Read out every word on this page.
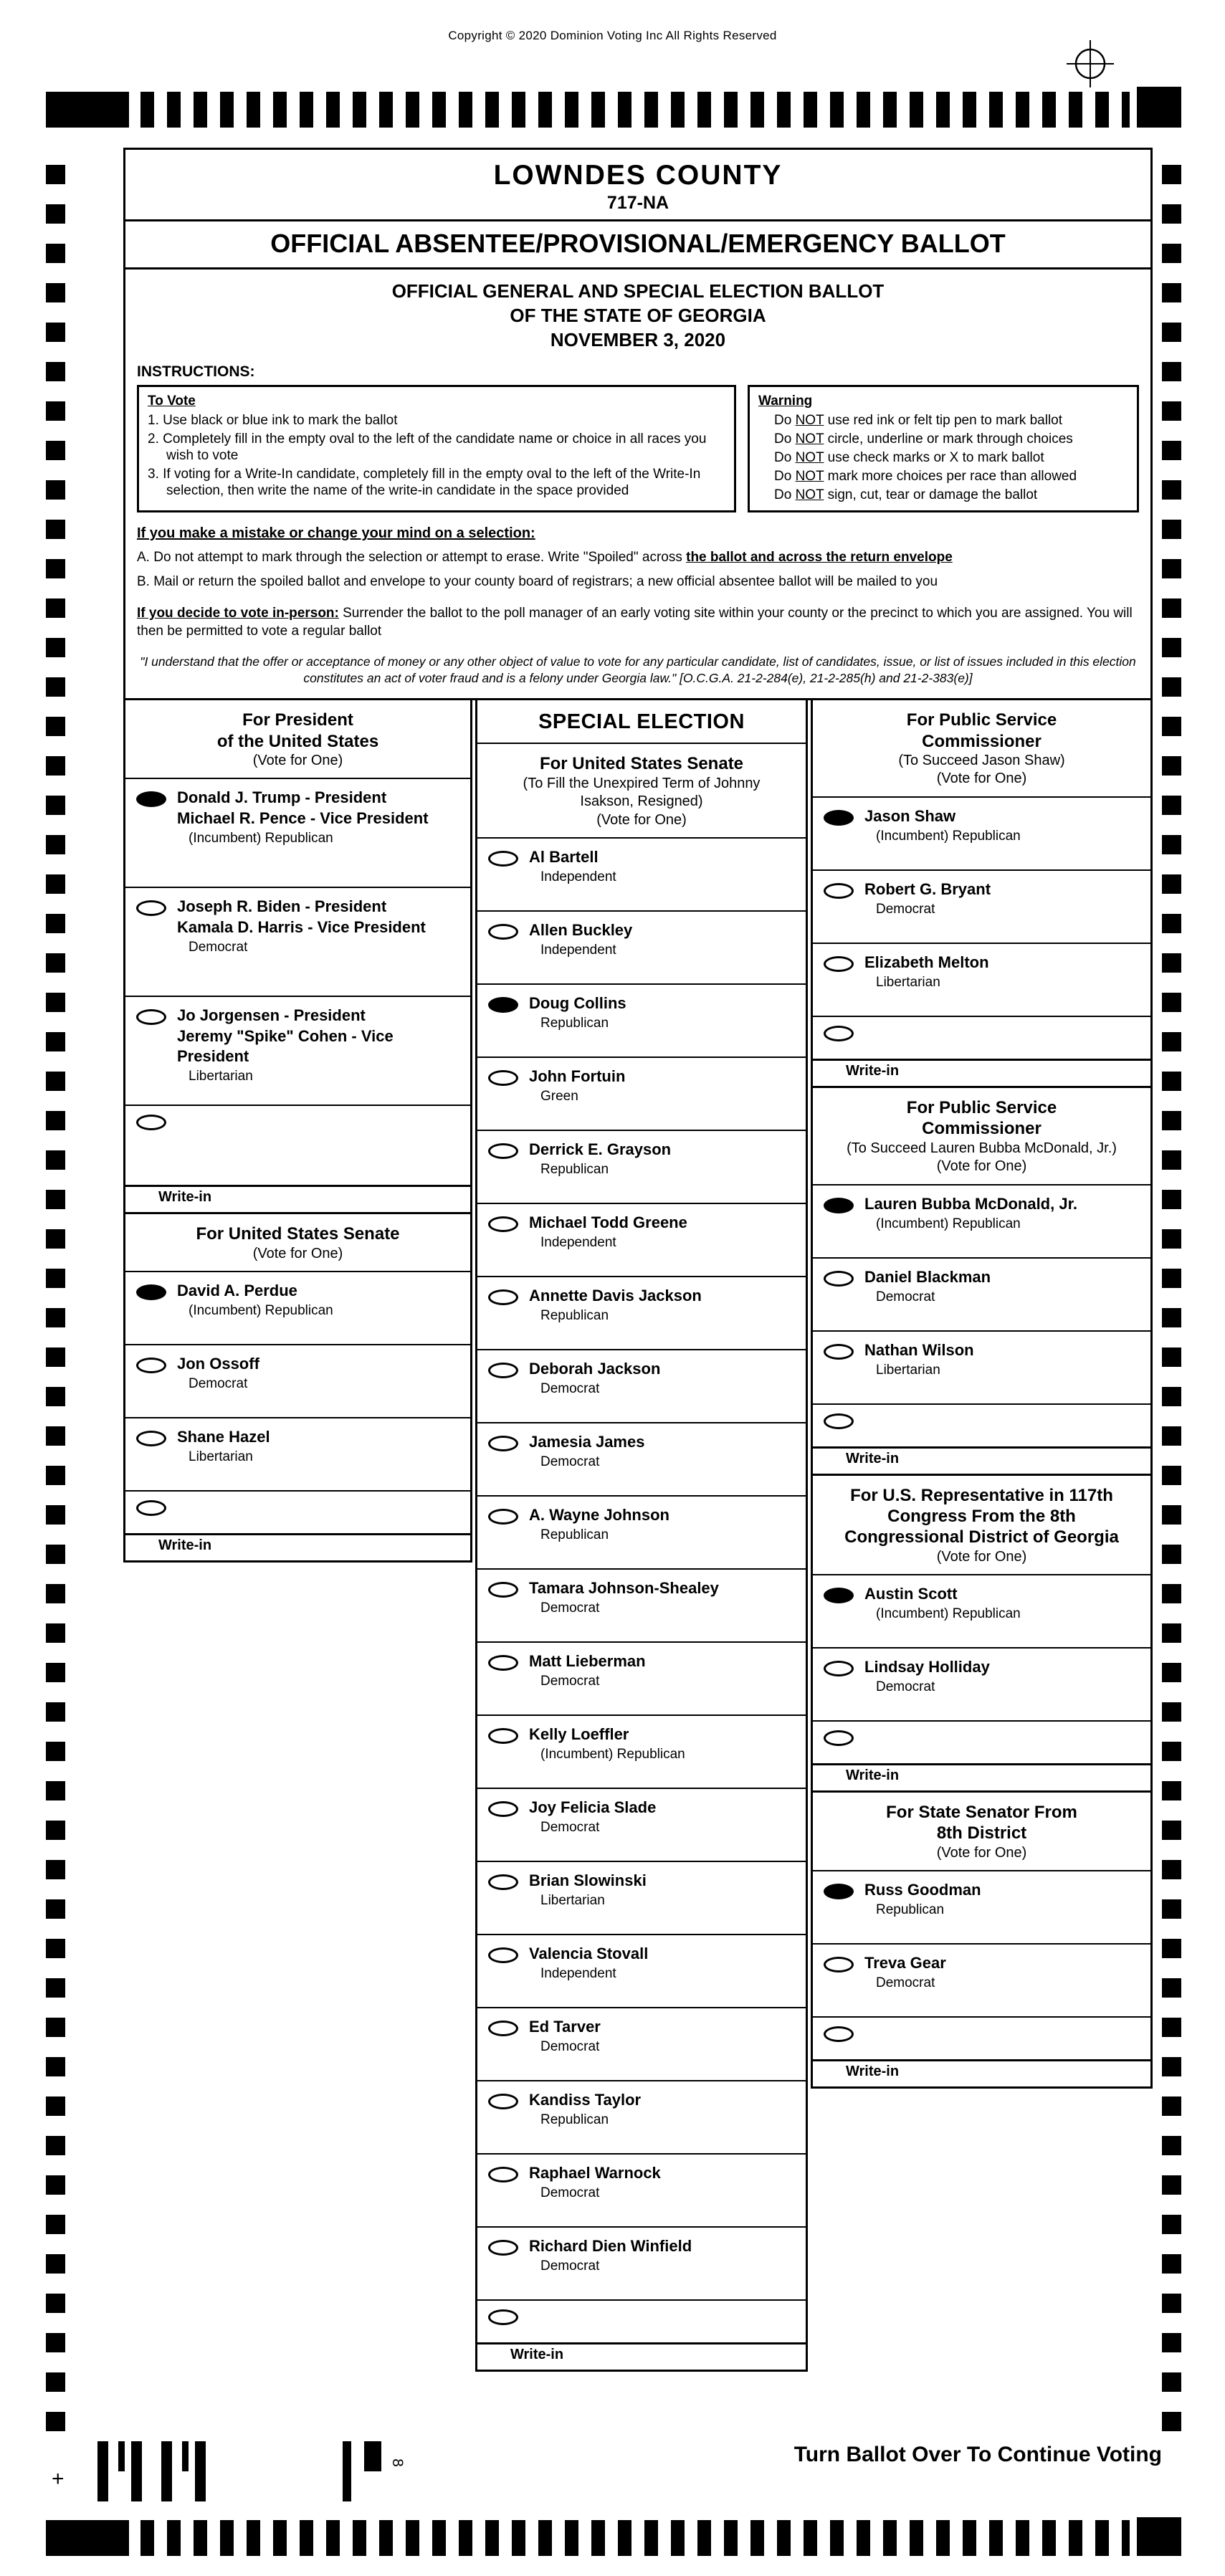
Copyright © 2020 Dominion Voting Inc All Rights Reserved
+
8	Turn Ballot Over To Continue Voting
LOWNDES COUNTY
717-NA
OFFICIAL ABSENTEE/PROVISIONAL/EMERGENCY BALLOT
OFFICIAL GENERAL AND SPECIAL ELECTION BALLOT
OF THE STATE OF GEORGIA
NOVEMBER 3, 2020
INSTRUCTIONS:
To Vote
1. Use black or blue ink to mark the ballot
2. Completely fill in the empty oval to the left of the candidate name or choice in all races you wish to vote
3. If voting for a Write-In candidate, completely fill in the empty oval to the left of the Write-In selection, then write the name of the write-in candidate in the space provided
Warning
Do NOT use red ink or felt tip pen to mark ballot
Do NOT circle, underline or mark through choices
Do NOT use check marks or X to mark ballot
Do NOT mark more choices per race than allowed
Do NOT sign, cut, tear or damage the ballot
If you make a mistake or change your mind on a selection:
A. Do not attempt to mark through the selection or attempt to erase. Write "Spoiled" across the ballot and across the return envelope
B. Mail or return the spoiled ballot and envelope to your county board of registrars; a new official absentee ballot will be mailed to you
If you decide to vote in-person: Surrender the ballot to the poll manager of an early voting site within your county or the precinct to which you are assigned. You will then be permitted to vote a regular ballot
"I understand that the offer or acceptance of money or any other object of value to vote for any particular candidate, list of candidates, issue, or list of issues included in this election constitutes an act of voter fraud and is a felony under Georgia law." [O.C.G.A. 21-2-284(e), 21-2-285(h) and 21-2-383(e)]
For President
of the United States
(Vote for One)
Donald J. Trump - President
Michael R. Pence - Vice President
(Incumbent) Republican
Joseph R. Biden - President
Kamala D. Harris - Vice President
Democrat
Jo Jorgensen - President
Jeremy "Spike" Cohen - Vice President
Libertarian
Write-in
For United States Senate
(Vote for One)
David A. Perdue
(Incumbent) Republican
Jon Ossoff
Democrat
Shane Hazel
Libertarian
Write-in
SPECIAL ELECTION
For United States Senate
(To Fill the Unexpired Term of Johnny
Isakson, Resigned)
(Vote for One)
Al Bartell
Independent
Allen Buckley
Independent
Doug Collins
Republican
John Fortuin
Green
Derrick E. Grayson
Republican
Michael Todd Greene
Independent
Annette Davis Jackson
Republican
Deborah Jackson
Democrat
Jamesia James
Democrat
A. Wayne Johnson
Republican
Tamara Johnson-Shealey
Democrat
Matt Lieberman
Democrat
Kelly Loeffler
(Incumbent) Republican
Joy Felicia Slade
Democrat
Brian Slowinski
Libertarian
Valencia Stovall
Independent
Ed Tarver
Democrat
Kandiss Taylor
Republican
Raphael Warnock
Democrat
Richard Dien Winfield
Democrat
Write-in
For Public Service
Commissioner
(To Succeed Jason Shaw)
(Vote for One)
Jason Shaw
(Incumbent) Republican
Robert G. Bryant
Democrat
Elizabeth Melton
Libertarian
Write-in
For Public Service
Commissioner
(To Succeed Lauren Bubba McDonald, Jr.)
(Vote for One)
Lauren Bubba McDonald, Jr.
(Incumbent) Republican
Daniel Blackman
Democrat
Nathan Wilson
Libertarian
Write-in
For U.S. Representative in 117th
Congress From the 8th
Congressional District of Georgia
(Vote for One)
Austin Scott
(Incumbent) Republican
Lindsay Holliday
Democrat
Write-in
For State Senator From
8th District
(Vote for One)
Russ Goodman
Republican
Treva Gear
Democrat
Write-in
